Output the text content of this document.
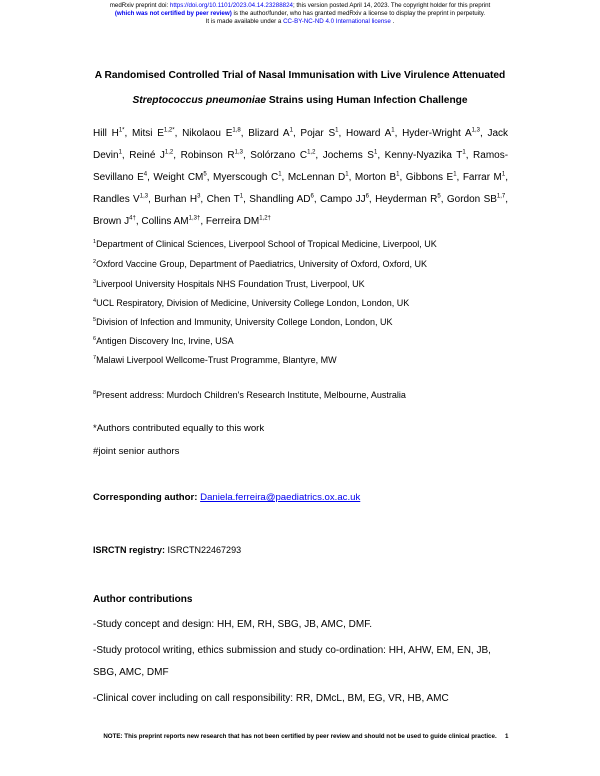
medRxiv preprint doi: https://doi.org/10.1101/2023.04.14.23288824; this version posted April 14, 2023. The copyright holder for this preprint
(which was not certified by peer review) is the author/funder, who has granted medRxiv a license to display the preprint in perpetuity.
It is made available under a CC-BY-NC-ND 4.0 International license .
A Randomised Controlled Trial of Nasal Immunisation with Live Virulence Attenuated
Streptococcus pneumoniae Strains using Human Infection Challenge
Hill $H^{1*}$, Mitsi $E^{1,2*}$, Nikolaou E$^{1,8}$, Blizard $A^1$, Pojar $S^1$, Howard $A^1$, Hyder-Wright A$^{1,3}$, Jack Devin$^1$, Reiné J$^{1,2}$, Robinson R$^{1,3}$, Solórzano C$^{1,2}$, Jochems $S^1$, Kenny-Nyazika $T^1$, Ramos-Sevillano $E^4$, Weight $CM^5$, Myerscough $C^1$, McLennan $D^1$, Morton $B^1$, Gibbons $E^1$, Farrar $M^1$, Randles V$^{1,3}$, Burhan $H^3$, Chen $T^1$, Shandling $AD^6$, Campo $JJ^6$, Heyderman $R^5$, Gordon SB$^{1,7}$, Brown $J^{4\dagger}$, Collins $AM^{1,3\dagger}$, Ferreira $DM^{1,2\dagger}$
$^1$Department of Clinical Sciences, Liverpool School of Tropical Medicine, Liverpool, UK
$^2$Oxford Vaccine Group, Department of Paediatrics, University of Oxford, Oxford, UK
$^3$Liverpool University Hospitals NHS Foundation Trust, Liverpool, UK
$^4$UCL Respiratory, Division of Medicine, University College London, London, UK
$^5$Division of Infection and Immunity, University College London, London, UK
$^6$Antigen Discovery Inc, Irvine, USA
$^7$Malawi Liverpool Wellcome-Trust Programme, Blantyre, MW
$^8$Present address: Murdoch Children's Research Institute, Melbourne, Australia
*Authors contributed equally to this work
#joint senior authors
Corresponding author: Daniela.ferreira@paediatrics.ox.ac.uk
ISRCTN registry: ISRCTN22467293
Author contributions
-Study concept and design: HH, EM, RH, SBG, JB, AMC, DMF.
-Study protocol writing, ethics submission and study co-ordination: HH, AHW, EM, EN, JB, SBG, AMC, DMF
-Clinical cover including on call responsibility: RR, DMcL, BM, EG, VR, HB, AMC
NOTE: This preprint reports new research that has not been certified by peer review and should not be used to guide clinical practice. 1
